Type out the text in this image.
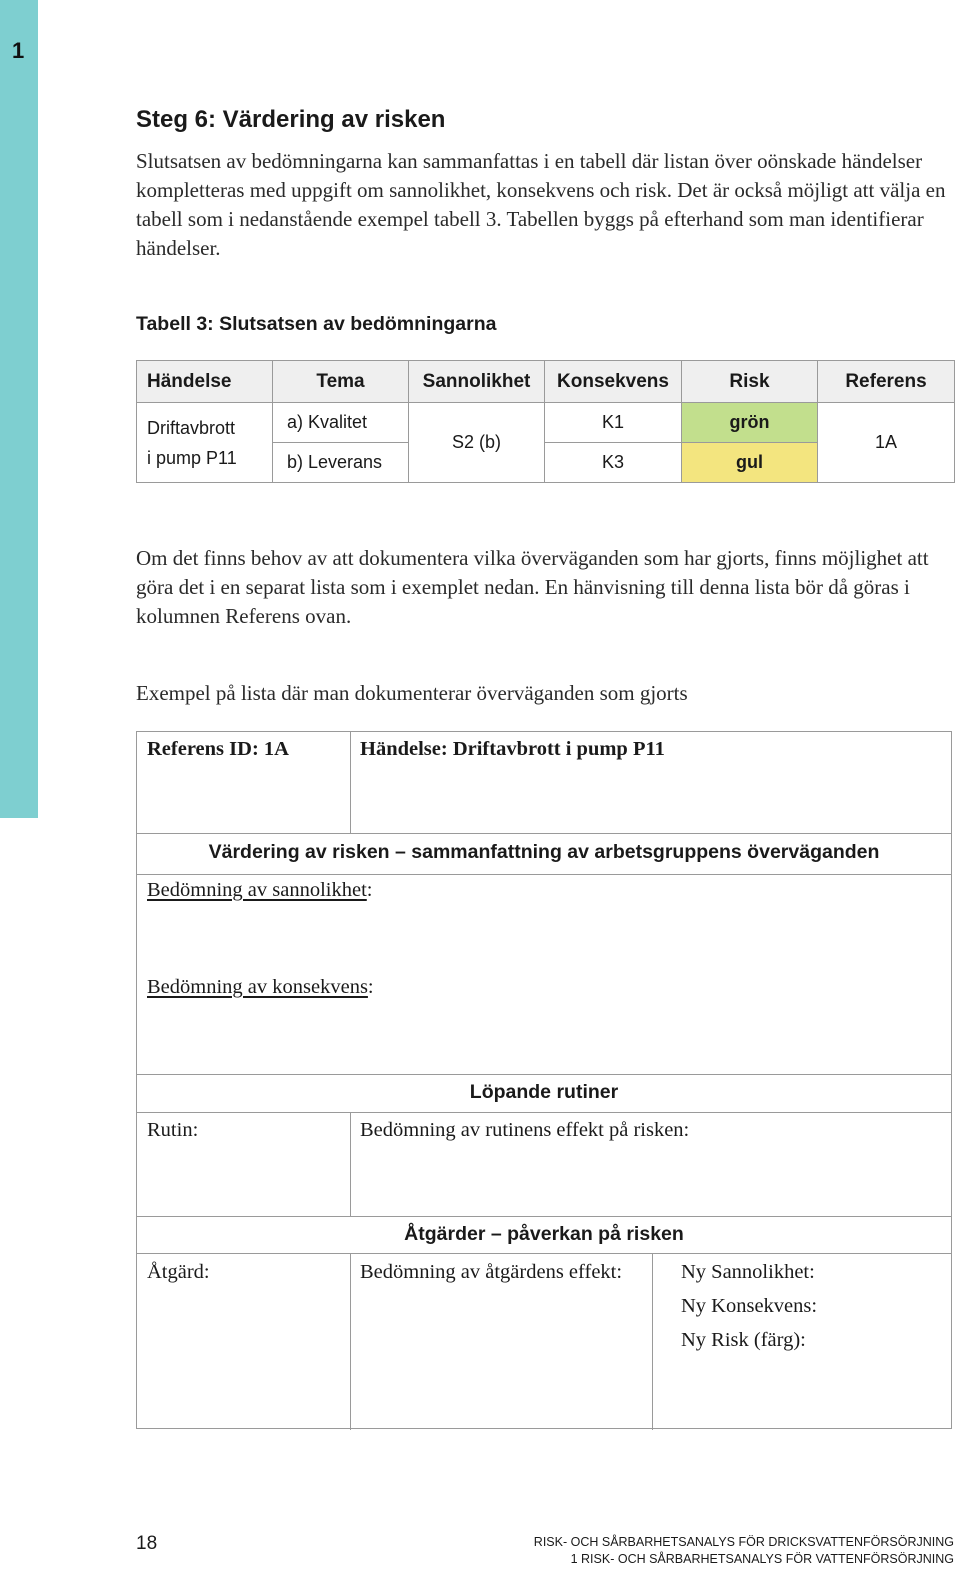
1
Steg 6: Värdering av risken

Slutsatsen av bedömningarna kan sammanfattas i en tabell där listan över oönskade händelser kompletteras med uppgift om sannolikhet, konsekvens och risk. Det är också möjligt att välja en tabell som i nedanstående exempel tabell 3. Tabellen byggs på efterhand som man identifierar händelser.

Tabell 3: Slutsatsen av bedömningarna
Händelse	Tema	Sannolikhet	Konsekvens	Risk	Referens

Driftavbrott
i pump P11	a) Kvalitet	S2 (b)	K1	grön	1A
	b) Leverans		K3	gul	

Om det finns behov av att dokumentera vilka överväganden som har gjorts, finns möjlighet att göra det i en separat lista som i exemplet nedan. En hänvisning till denna lista bör då göras i kolumnen Referens ovan.

Exempel på lista där man dokumenterar överväganden som gjorts
Referens ID: 1A	Händelse: Driftavbrott i pump P11
Värdering av risken – sammanfattning av arbetsgruppens överväganden
Bedömning av sannolikhet:
Bedömning av konsekvens:
Löpande rutiner
Rutin:	Bedömning av rutinens effekt på risken:
Åtgärder – påverkan på risken
Åtgärd:	Bedömning av åtgärdens effekt:	Ny Sannolikhet:
Ny Konsekvens:
Ny Risk (färg):
18	RISK- OCH SÅRBARHETSANALYS FÖR DRICKSVATTENFÖRSÖRJNING
1 RISK- OCH SÅRBARHETSANALYS FÖR VATTENFÖRSÖRJNING
